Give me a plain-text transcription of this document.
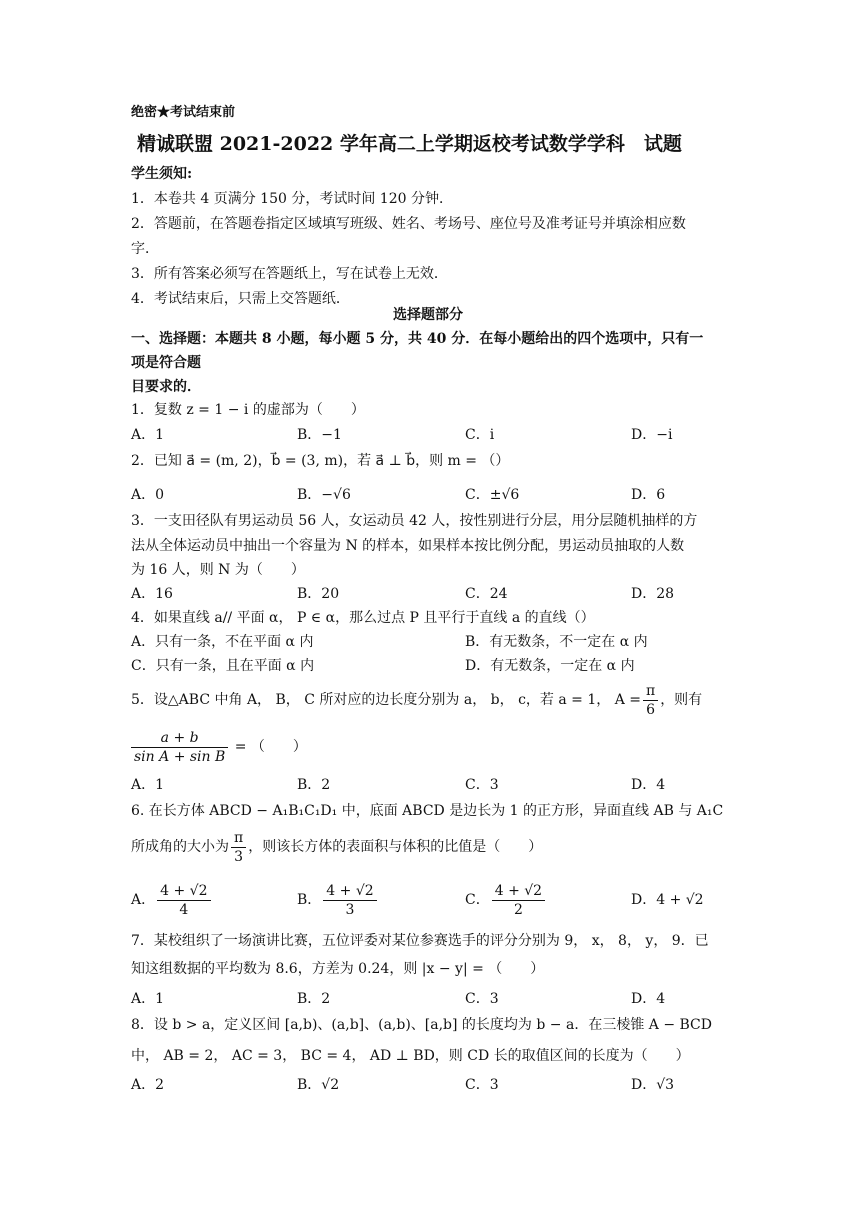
绝密★考试结束前
精诚联盟 2021-2022 学年高二上学期返校考试数学学科　试题
学生须知:
1．本卷共 4 页满分 150 分，考试时间 120 分钟．
2．答题前，在答题卷指定区域填写班级、姓名、考场号、座位号及准考证号并填涂相应数
字．
3．所有答案必须写在答题纸上，写在试卷上无效．
4．考试结束后，只需上交答题纸．
选择题部分
一、选择题：本题共 8 小题，每小题 5 分，共 40 分．在每小题给出的四个选项中，只有一
项是符合题
目要求的．
1．复数 z = 1 − i 的虚部为（　　）
A．1	B．−1	C．i	D．−i
2．已知 a⃗ = (m, 2)，b⃗ = (3, m)，若 a⃗ ⊥ b⃗，则 m = （）
A．0	B．−√6	C．±√6	D．6
3．一支田径队有男运动员 56 人，女运动员 42 人，按性别进行分层，用分层随机抽样的方
法从全体运动员中抽出一个容量为 N 的样本，如果样本按比例分配，男运动员抽取的人数
为 16 人，则 N 为（　　）
A．16	B．20	C．24	D．28
4．如果直线 a// 平面 α， P ∈ α，那么过点 P 且平行于直线 a 的直线（）
A．只有一条，不在平面 α 内	B．有无数条，不一定在 α 内
C．只有一条，且在平面 α 内	D．有无数条，一定在 α 内
5．设△ABC 中角 A， B， C 所对应的边长度分别为 a， b， c，若 a = 1， $A = \frac{\pi}{6}$ ，则有
$\frac{a + b}{\text{sin A + sin B}}$ = （　　）
A．1	B．2	C．3	D．4
6. 在长方体 ABCD − A₁B₁C₁D₁ 中，底面 ABCD 是边长为 1 的正方形，异面直线 AB 与 A₁C
所成角的大小为 $\frac{\pi}{3}$ ，则该长方体的表面积与体积的比值是（　　）
A． $\frac{4 + √2}{4}$	B． $\frac{4 + √2}{3}$	C． $\frac{4 + √2}{2}$	D．4 + √2
7．某校组织了一场演讲比赛，五位评委对某位参赛选手的评分分别为 9， x， 8， y， 9．已
知这组数据的平均数为 8.6，方差为 0.24，则 |x − y| = （　　）
A．1	B．2	C．3	D．4
8．设 b > a，定义区间 [a,b)、(a,b]、(a,b)、[a,b] 的长度均为 b − a．在三棱锥 A − BCD
中， AB = 2， AC = 3， BC = 4， AD ⊥ BD，则 CD 长的取值区间的长度为（　　）
A．2	B．√2	C．3	D．√3
